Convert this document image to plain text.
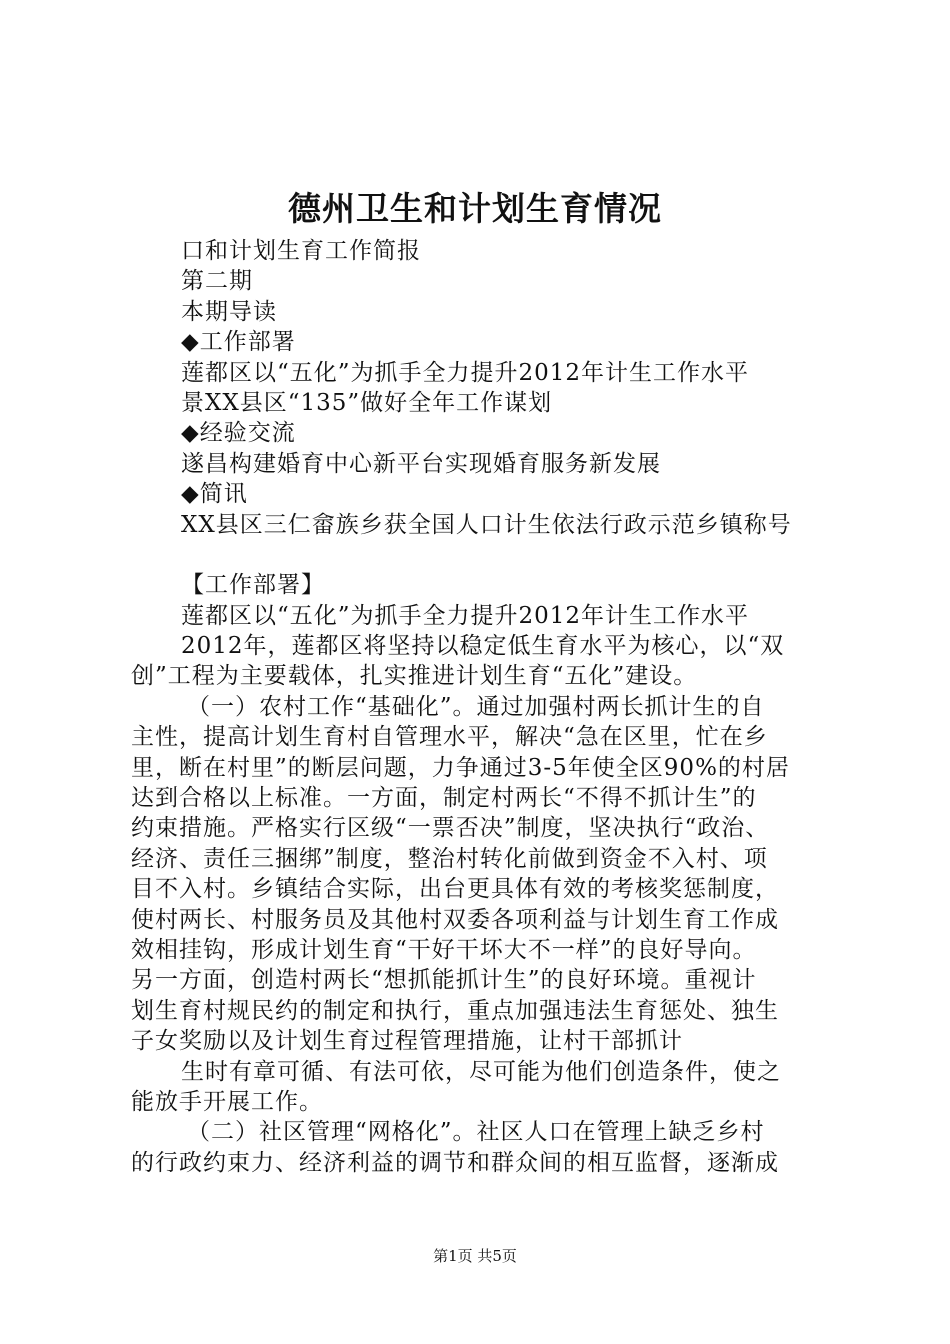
德州卫生和计划生育情况
口和计划生育工作简报
第二期
本期导读
◆工作部署
莲都区以“五化”为抓手全力提升2012年计生工作水平
景XX县区“135”做好全年工作谋划
◆经验交流
遂昌构建婚育中心新平台实现婚育服务新发展
◆简讯
XX县区三仁畲族乡获全国人口计生依法行政示范乡镇称号
【工作部署】
莲都区以“五化”为抓手全力提升2012年计生工作水平
2012年，莲都区将坚持以稳定低生育水平为核心，以“双
创”工程为主要载体，扎实推进计划生育“五化”建设。
（一）农村工作“基础化”。通过加强村两长抓计生的自
主性，提高计划生育村自管理水平，解决“急在区里，忙在乡
里，断在村里”的断层问题，力争通过3-5年使全区90%的村居
达到合格以上标准。一方面，制定村两长“不得不抓计生”的
约束措施。严格实行区级“一票否决”制度，坚决执行“政治、
经济、责任三捆绑”制度，整治村转化前做到资金不入村、项
目不入村。乡镇结合实际，出台更具体有效的考核奖惩制度，
使村两长、村服务员及其他村双委各项利益与计划生育工作成
效相挂钩，形成计划生育“干好干坏大不一样”的良好导向。
另一方面，创造村两长“想抓能抓计生”的良好环境。重视计
划生育村规民约的制定和执行，重点加强违法生育惩处、独生
子女奖励以及计划生育过程管理措施，让村干部抓计
生时有章可循、有法可依，尽可能为他们创造条件，使之
能放手开展工作。
（二）社区管理“网格化”。社区人口在管理上缺乏乡村
的行政约束力、经济利益的调节和群众间的相互监督，逐渐成
第1页 共5页
